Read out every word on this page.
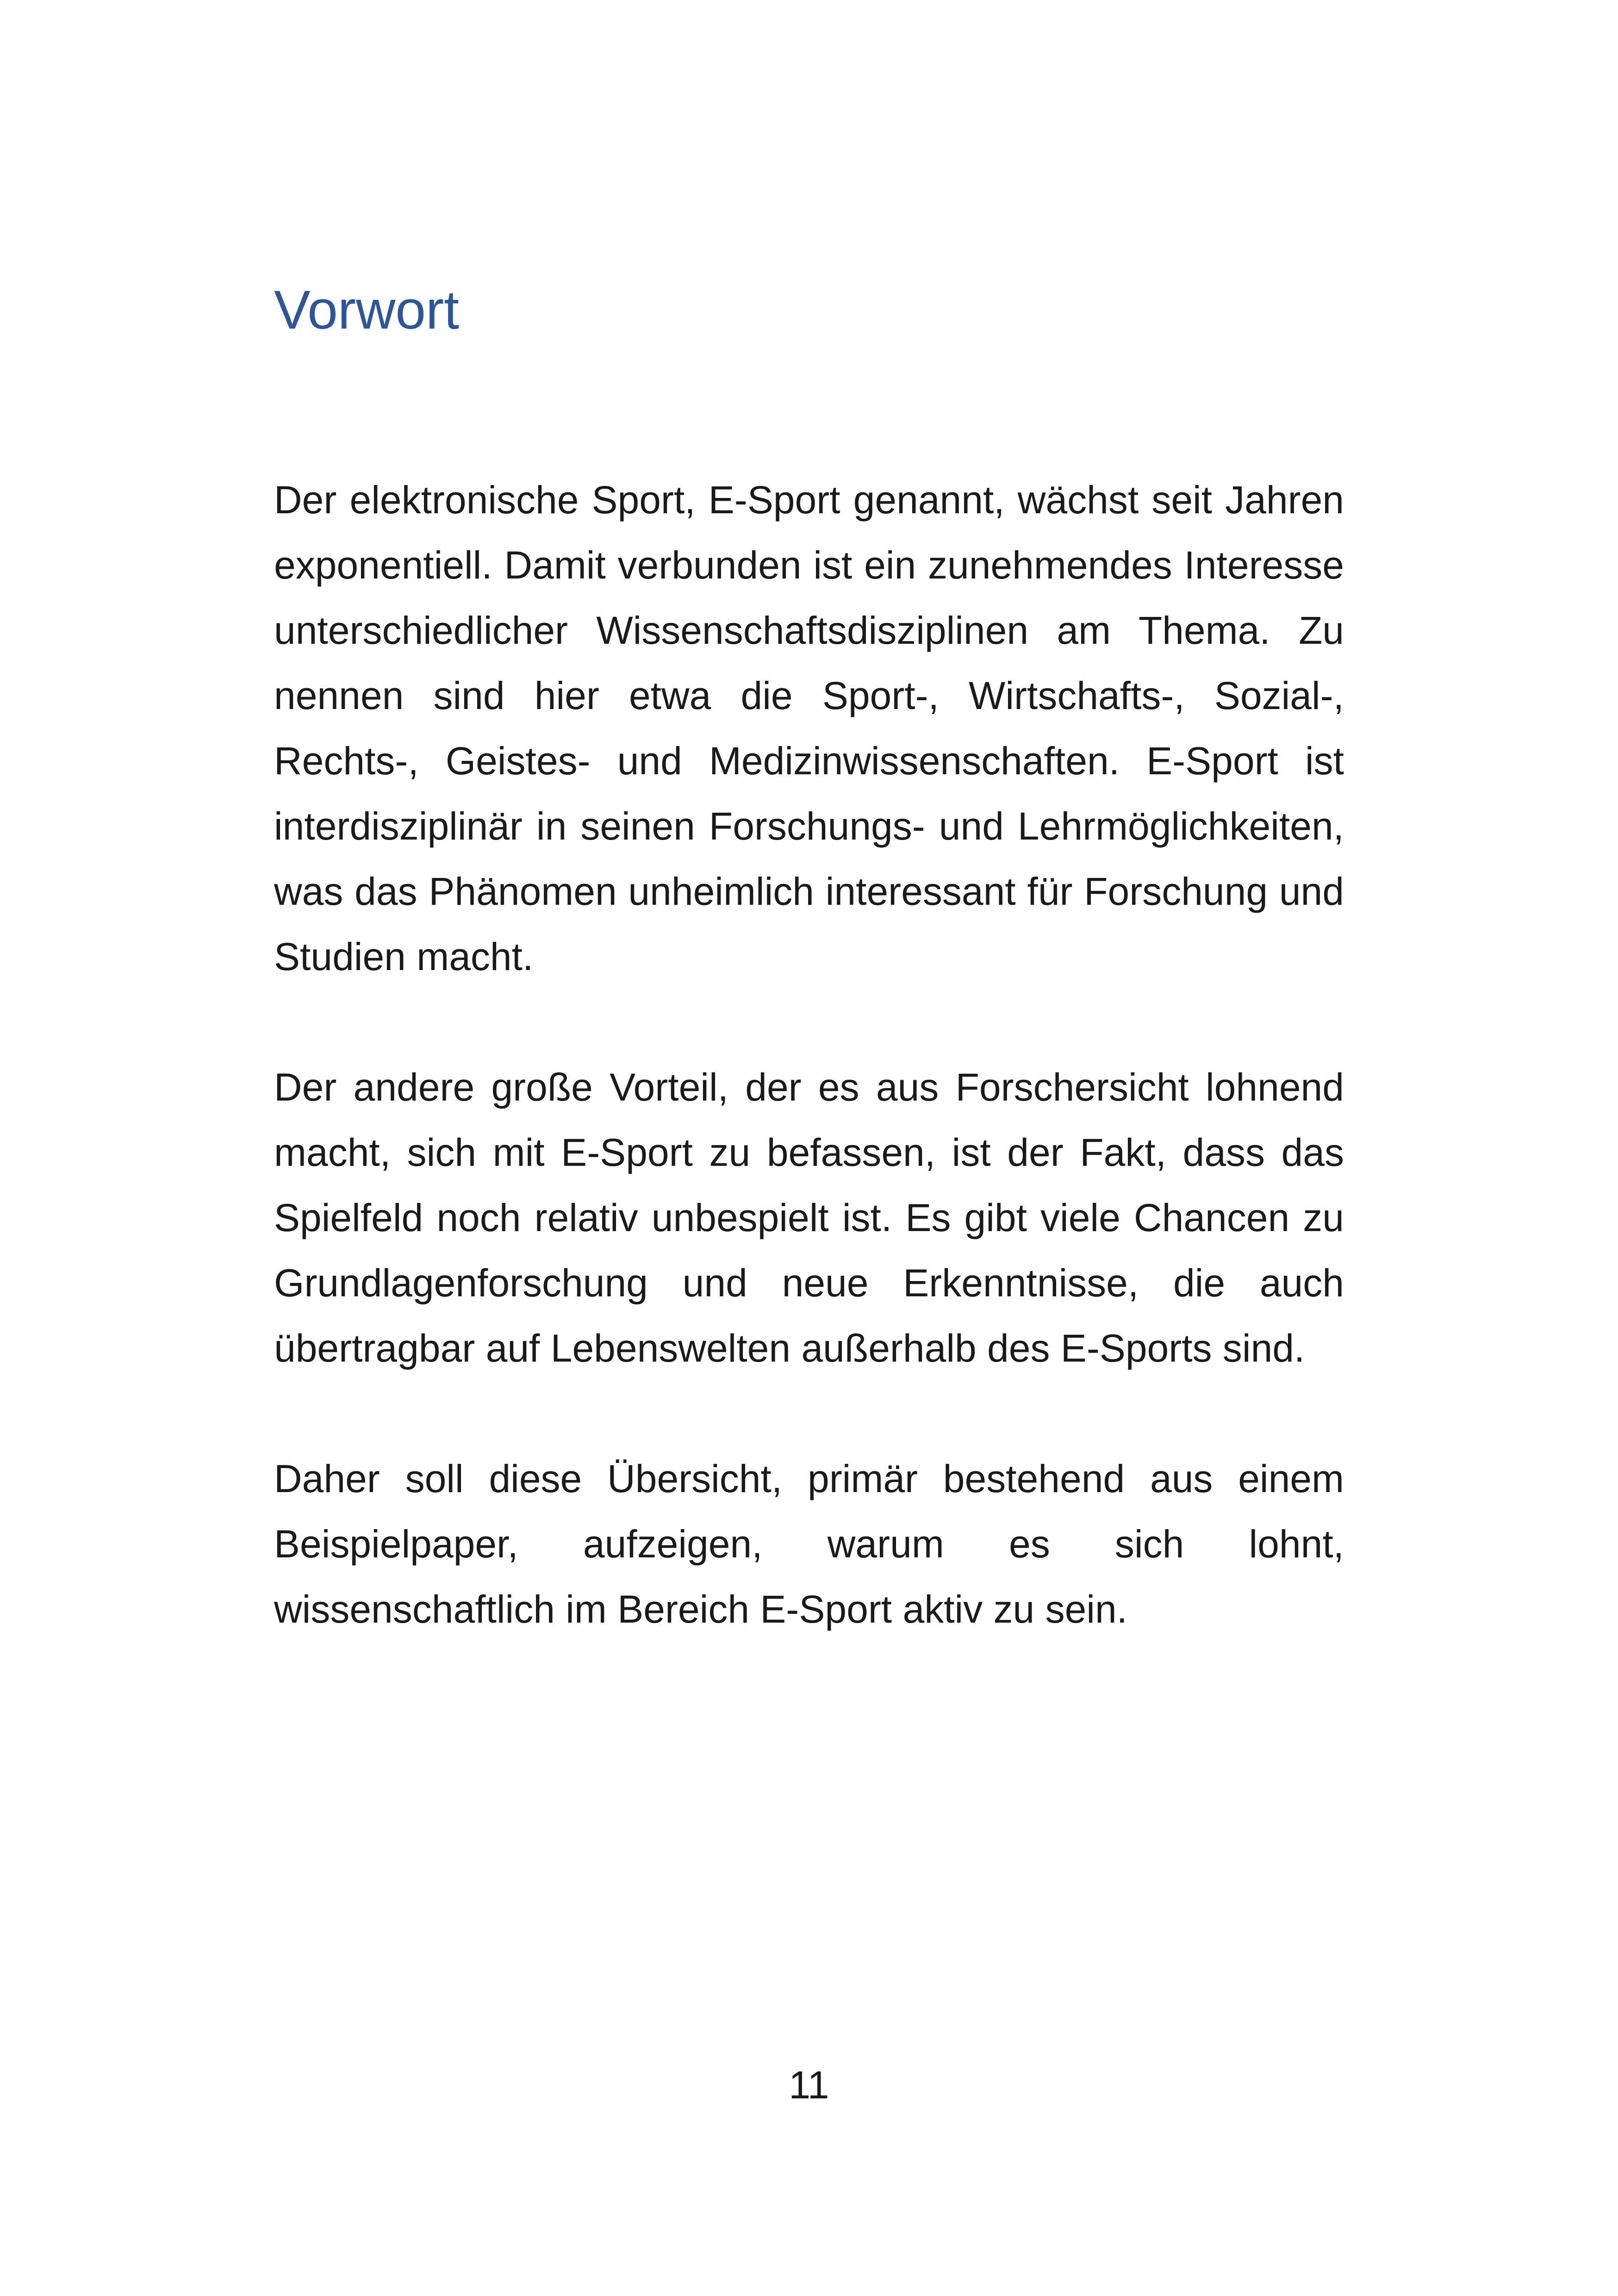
Vorwort

Der elektronische Sport, E-Sport genannt, wächst seit Jahren exponentiell. Damit verbunden ist ein zunehmendes Interesse unterschiedlicher Wissenschaftsdisziplinen am Thema. Zu nennen sind hier etwa die Sport-, Wirtschafts-, Sozial-, Rechts-, Geistes- und Medizinwissenschaften. E-Sport ist interdisziplinär in seinen Forschungs- und Lehrmöglichkeiten, was das Phänomen unheimlich interessant für Forschung und Studien macht.

Der andere große Vorteil, der es aus Forschersicht lohnend macht, sich mit E-Sport zu befassen, ist der Fakt, dass das Spielfeld noch relativ unbespielt ist. Es gibt viele Chancen zu Grundlagenforschung und neue Erkenntnisse, die auch übertragbar auf Lebenswelten außerhalb des E-Sports sind.

Daher soll diese Übersicht, primär bestehend aus einem Beispielpaper, aufzeigen, warum es sich lohnt, wissenschaftlich im Bereich E-Sport aktiv zu sein.

11
